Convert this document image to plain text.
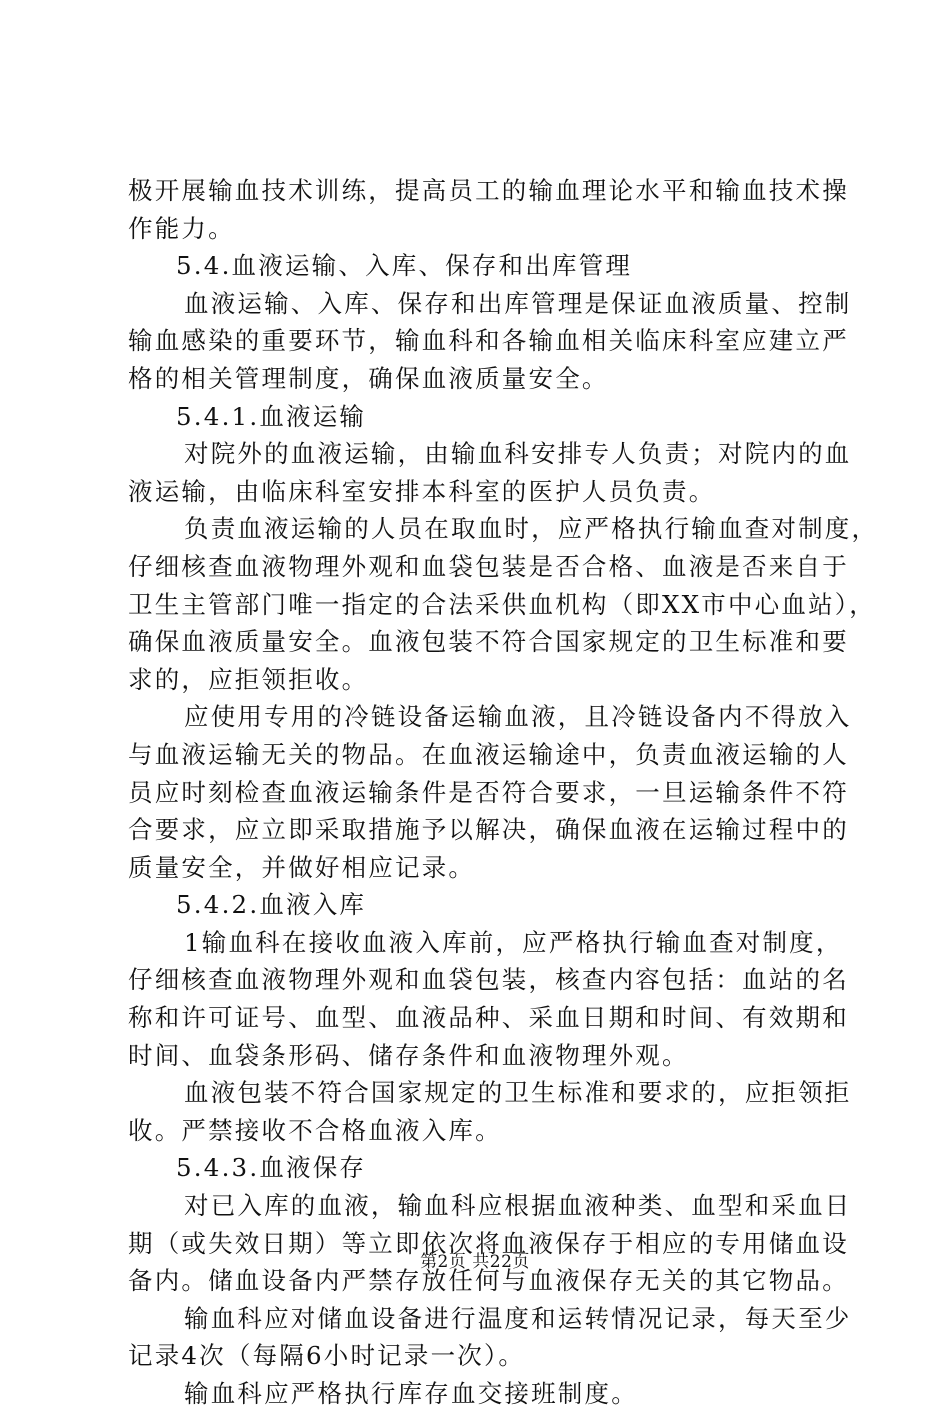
极开展输血技术训练，提高员工的输血理论水平和输血技术操
作能力。
5.4.血液运输、入库、保存和出库管理
血液运输、入库、保存和出库管理是保证血液质量、控制
输血感染的重要环节，输血科和各输血相关临床科室应建立严
格的相关管理制度，确保血液质量安全。
5.4.1.血液运输
对院外的血液运输，由输血科安排专人负责；对院内的血
液运输，由临床科室安排本科室的医护人员负责。
负责血液运输的人员在取血时，应严格执行输血查对制度，
仔细核查血液物理外观和血袋包装是否合格、血液是否来自于
卫生主管部门唯一指定的合法采供血机构（即XX市中心血站），
确保血液质量安全。血液包装不符合国家规定的卫生标准和要
求的，应拒领拒收。
应使用专用的冷链设备运输血液，且冷链设备内不得放入
与血液运输无关的物品。在血液运输途中，负责血液运输的人
员应时刻检查血液运输条件是否符合要求，一旦运输条件不符
合要求，应立即采取措施予以解决，确保血液在运输过程中的
质量安全，并做好相应记录。
5.4.2.血液入库
1输血科在接收血液入库前，应严格执行输血查对制度，
仔细核查血液物理外观和血袋包装，核查内容包括：血站的名
称和许可证号、血型、血液品种、采血日期和时间、有效期和
时间、血袋条形码、储存条件和血液物理外观。
血液包装不符合国家规定的卫生标准和要求的，应拒领拒
收。严禁接收不合格血液入库。
5.4.3.血液保存
对已入库的血液，输血科应根据血液种类、血型和采血日
期（或失效日期）等立即依次将血液保存于相应的专用储血设
备内。储血设备内严禁存放任何与血液保存无关的其它物品。
输血科应对储血设备进行温度和运转情况记录，每天至少
记录4次（每隔6小时记录一次）。
输血科应严格执行库存血交接班制度。
第2页 共22页
